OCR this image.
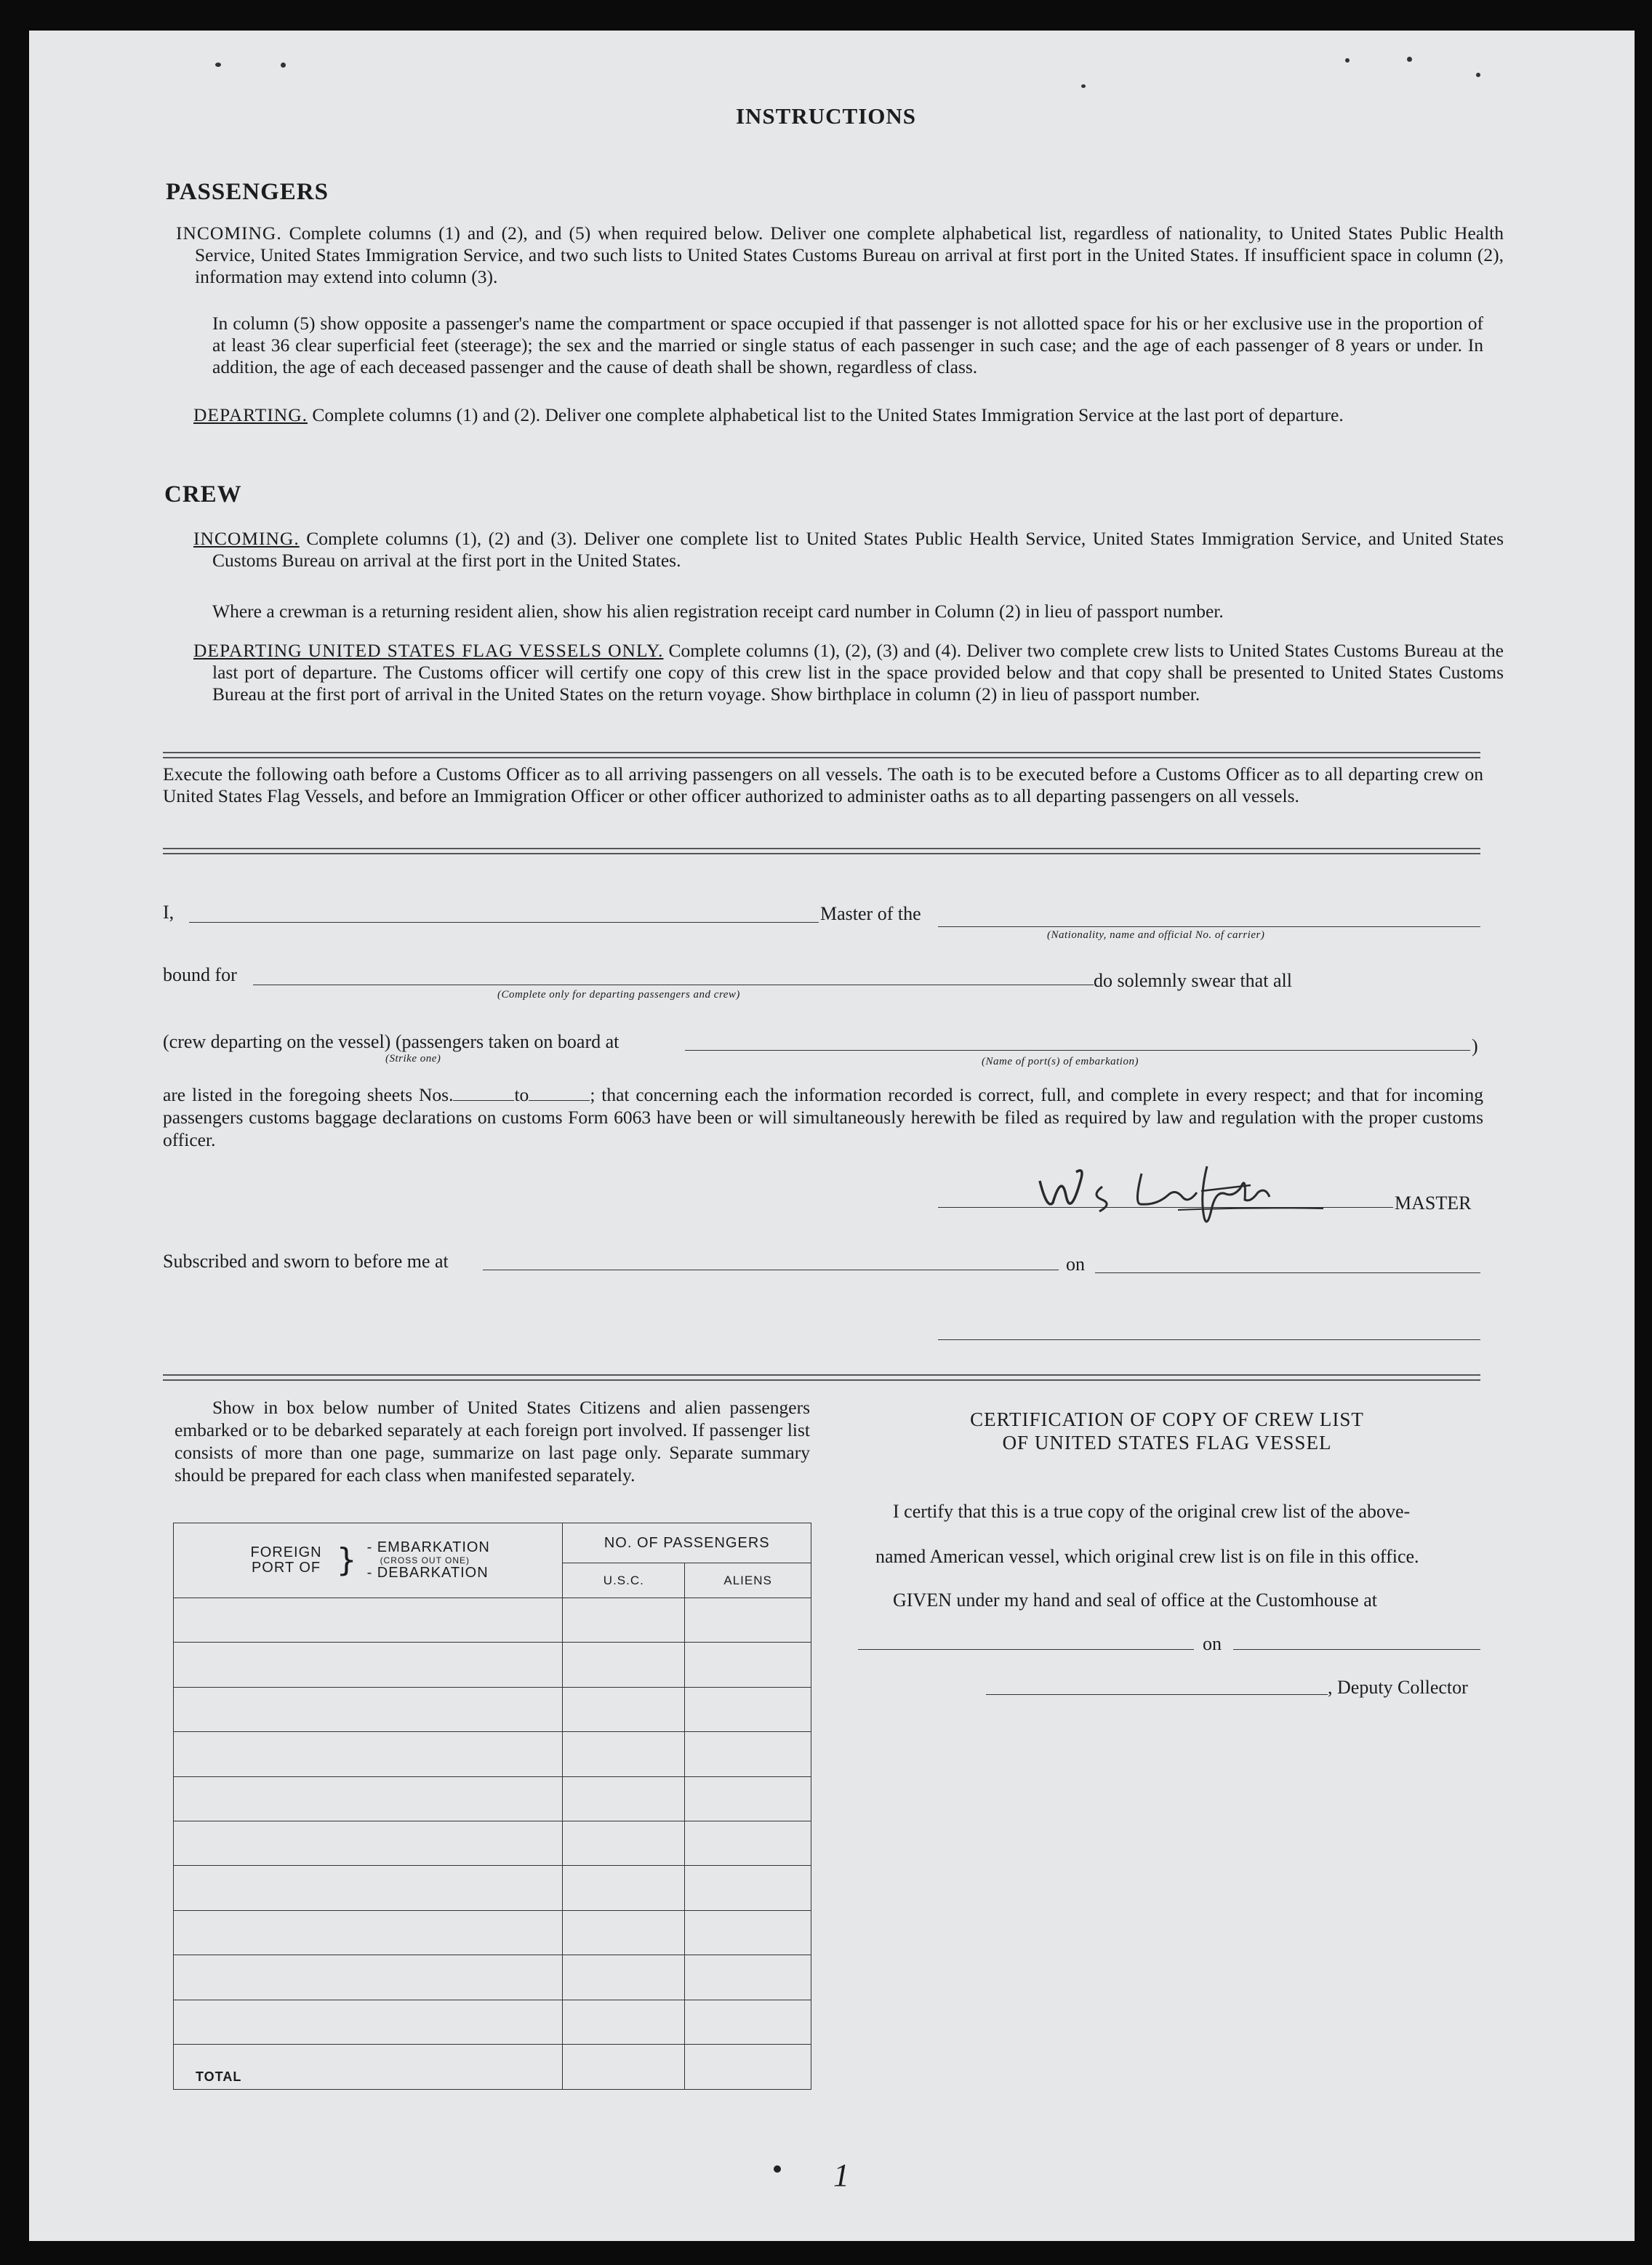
INSTRUCTIONS
PASSENGERS
INCOMING. Complete columns (1) and (2), and (5) when required below. Deliver one complete alphabetical list, regardless of nationality, to United States Public Health Service, United States Immigration Service, and two such lists to United States Customs Bureau on arrival at first port in the United States. If insufficient space in column (2), information may extend into column (3).
In column (5) show opposite a passenger's name the compartment or space occupied if that passenger is not allotted space for his or her exclusive use in the proportion of at least 36 clear superficial feet (steerage); the sex and the married or single status of each passenger in such case; and the age of each passenger of 8 years or under. In addition, the age of each deceased passenger and the cause of death shall be shown, regardless of class.
DEPARTING. Complete columns (1) and (2). Deliver one complete alphabetical list to the United States Immigration Service at the last port of departure.
CREW
INCOMING. Complete columns (1), (2) and (3). Deliver one complete list to United States Public Health Service, United States Immigration Service, and United States Customs Bureau on arrival at the first port in the United States.
Where a crewman is a returning resident alien, show his alien registration receipt card number in Column (2) in lieu of passport number.
DEPARTING UNITED STATES FLAG VESSELS ONLY. Complete columns (1), (2), (3) and (4). Deliver two complete crew lists to United States Customs Bureau at the last port of departure. The Customs officer will certify one copy of this crew list in the space provided below and that copy shall be presented to United States Customs Bureau at the first port of arrival in the United States on the return voyage. Show birthplace in column (2) in lieu of passport number.
Execute the following oath before a Customs Officer as to all arriving passengers on all vessels. The oath is to be executed before a Customs Officer as to all departing crew on United States Flag Vessels, and before an Immigration Officer or other officer authorized to administer oaths as to all departing passengers on all vessels.
I,	Master of the
(Nationality, name and official No. of carrier)
bound for
(Complete only for departing passengers and crew)
do solemnly swear that all
(crew departing on the vessel) (passengers taken on board at
(Strike one)	(Name of port(s) of embarkation)
)
are listed in the foregoing sheets Nos.	to	; that concerning each the information recorded is correct, full, and complete in every respect; and that for incoming passengers customs baggage declarations on customs Form 6063 have been or will simultaneously herewith be filed as required by law and regulation with the proper customs officer.
W S Lofeta
MASTER
Subscribed and sworn to before me at	on
Show in box below number of United States Citizens and alien passengers embarked or to be debarked separately at each foreign port involved. If passenger list consists of more than one page, summarize on last page only. Separate summary should be prepared for each class when manifested separately.
FOREIGN PORT OF } - EMBARKATION
(CROSS OUT ONE)
- DEBARKATION	NO. OF PASSENGERS	
	U.S.C.	ALIENS

TOTAL		
CERTIFICATION OF COPY OF CREW LIST
OF UNITED STATES FLAG VESSEL
I certify that this is a true copy of the original crew list of the above-
named American vessel, which original crew list is on file in this office.
GIVEN under my hand and seal of office at the Customhouse at
on
, Deputy Collector
1
